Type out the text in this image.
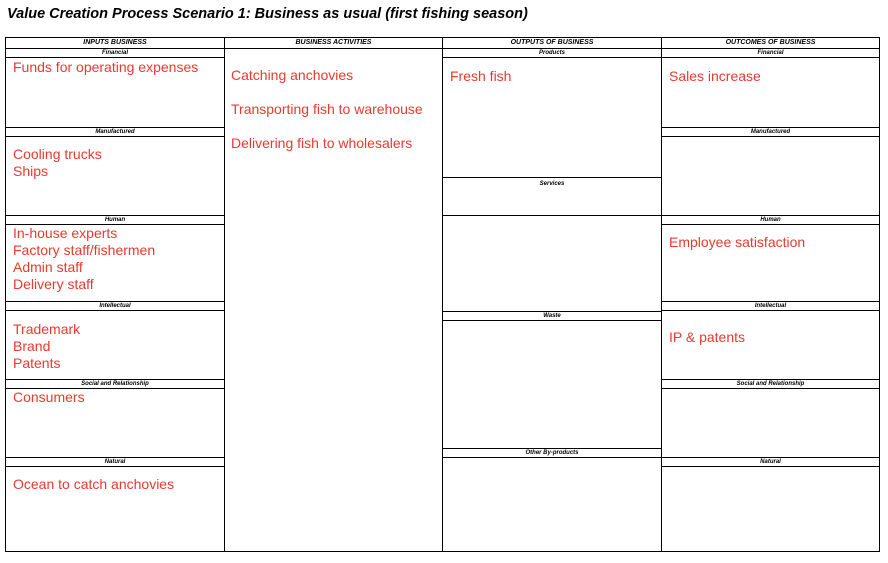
Value Creation Process Scenario 1: Business as usual (first fishing season)
INPUTS BUSINESS
Financial
Funds for operating expenses
Manufactured
Cooling trucks
Ships
Human
In-house experts
Factory staff/fishermen
Admin staff
Delivery staff
Intellectual
Trademark
Brand
Patents
Social and Relationship
Consumers
Natural
Ocean to catch anchovies
BUSINESS ACTIVITIES
Catching anchovies
Transporting fish to warehouse
Delivering fish to wholesalers
OUTPUTS OF BUSINESS
Products
Fresh fish
Services
Waste
Other By-products
OUTCOMES OF BUSINESS
Financial
Sales increase
Manufactured
Human
Employee satisfaction
Intellectual
IP & patents
Social and Relationship
Natural
